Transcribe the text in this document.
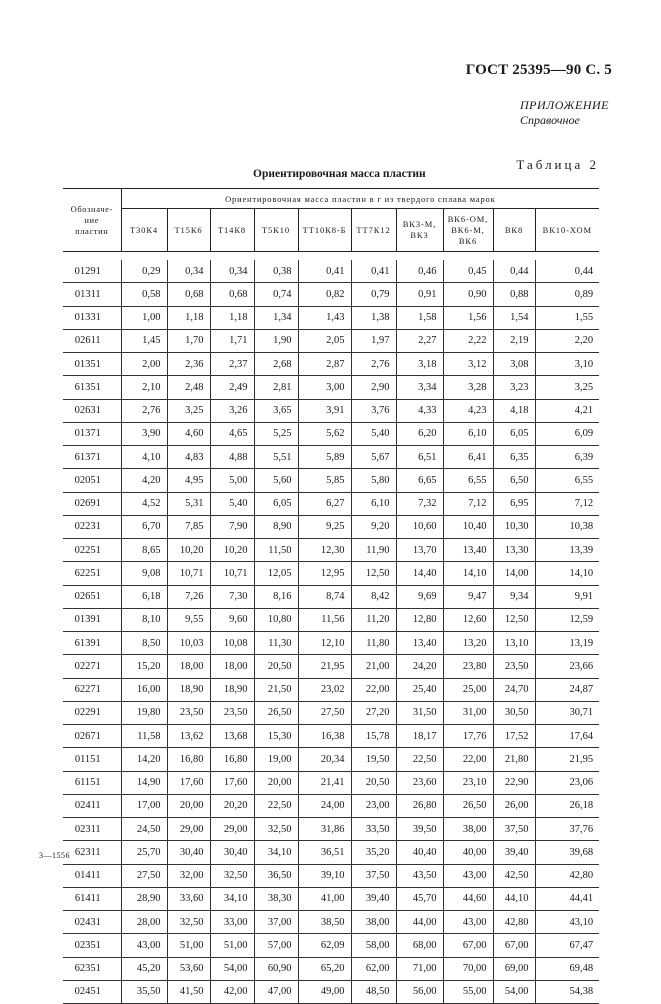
ГОСТ 25395—90 С. 5
ПРИЛОЖЕНИЕ
Справочное
Таблица 2
Ориентировочная масса пластин
Обозначе-
ние
пластин	Ориентировочная масса пластин в г из твердого сплава марок									
	Т30К4	Т15К6	Т14К8	Т5К10	ТТ10К8-Б	ТТ7К12	ВК3-М, ВК3	ВК6-ОМ, ВК6-М, ВК6	ВК8	ВК10-ХОМ

01291	0,29	0,34	0,34	0,38	0,41	0,41	0,46	0,45	0,44	0,44
01311	0,58	0,68	0,68	0,74	0,82	0,79	0,91	0,90	0,88	0,89
01331	1,00	1,18	1,18	1,34	1,43	1,38	1,58	1,56	1,54	1,55
02611	1,45	1,70	1,71	1,90	2,05	1,97	2,27	2,22	2,19	2,20
01351	2,00	2,36	2,37	2,68	2,87	2,76	3,18	3,12	3,08	3,10
61351	2,10	2,48	2,49	2,81	3,00	2,90	3,34	3,28	3,23	3,25
02631	2,76	3,25	3,26	3,65	3,91	3,76	4,33	4,23	4,18	4,21
01371	3,90	4,60	4,65	5,25	5,62	5,40	6,20	6,10	6,05	6,09
61371	4,10	4,83	4,88	5,51	5,89	5,67	6,51	6,41	6,35	6,39
02051	4,20	4,95	5,00	5,60	5,85	5,80	6,65	6,55	6,50	6,55
02691	4,52	5,31	5,40	6,05	6,27	6,10	7,32	7,12	6,95	7,12
02231	6,70	7,85	7,90	8,90	9,25	9,20	10,60	10,40	10,30	10,38
02251	8,65	10,20	10,20	11,50	12,30	11,90	13,70	13,40	13,30	13,39
62251	9,08	10,71	10,71	12,05	12,95	12,50	14,40	14,10	14,00	14,10
02651	6,18	7,26	7,30	8,16	8,74	8,42	9,69	9,47	9,34	9,91
01391	8,10	9,55	9,60	10,80	11,56	11,20	12,80	12,60	12,50	12,59
61391	8,50	10,03	10,08	11,30	12,10	11,80	13,40	13,20	13,10	13,19
02271	15,20	18,00	18,00	20,50	21,95	21,00	24,20	23,80	23,50	23,66
62271	16,00	18,90	18,90	21,50	23,02	22,00	25,40	25,00	24,70	24,87
02291	19,80	23,50	23,50	26,50	27,50	27,20	31,50	31,00	30,50	30,71
02671	11,58	13,62	13,68	15,30	16,38	15,78	18,17	17,76	17,52	17,64
01151	14,20	16,80	16,80	19,00	20,34	19,50	22,50	22,00	21,80	21,95
61151	14,90	17,60	17,60	20,00	21,41	20,50	23,60	23,10	22,90	23,06
02411	17,00	20,00	20,20	22,50	24,00	23,00	26,80	26,50	26,00	26,18
02311	24,50	29,00	29,00	32,50	31,86	33,50	39,50	38,00	37,50	37,76
62311	25,70	30,40	30,40	34,10	36,51	35,20	40,40	40,00	39,40	39,68
01411	27,50	32,00	32,50	36,50	39,10	37,50	43,50	43,00	42,50	42,80
61411	28,90	33,60	34,10	38,30	41,00	39,40	45,70	44,60	44,10	44,41
02431	28,00	32,50	33,00	37,00	38,50	38,00	44,00	43,00	42,80	43,10
02351	43,00	51,00	51,00	57,00	62,09	58,00	68,00	67,00	67,00	67,47
62351	45,20	53,60	54,00	60,90	65,20	62,00	71,00	70,00	69,00	69,48
02451	35,50	41,50	42,00	47,00	49,00	48,50	56,00	55,00	54,00	54,38
3—1556
